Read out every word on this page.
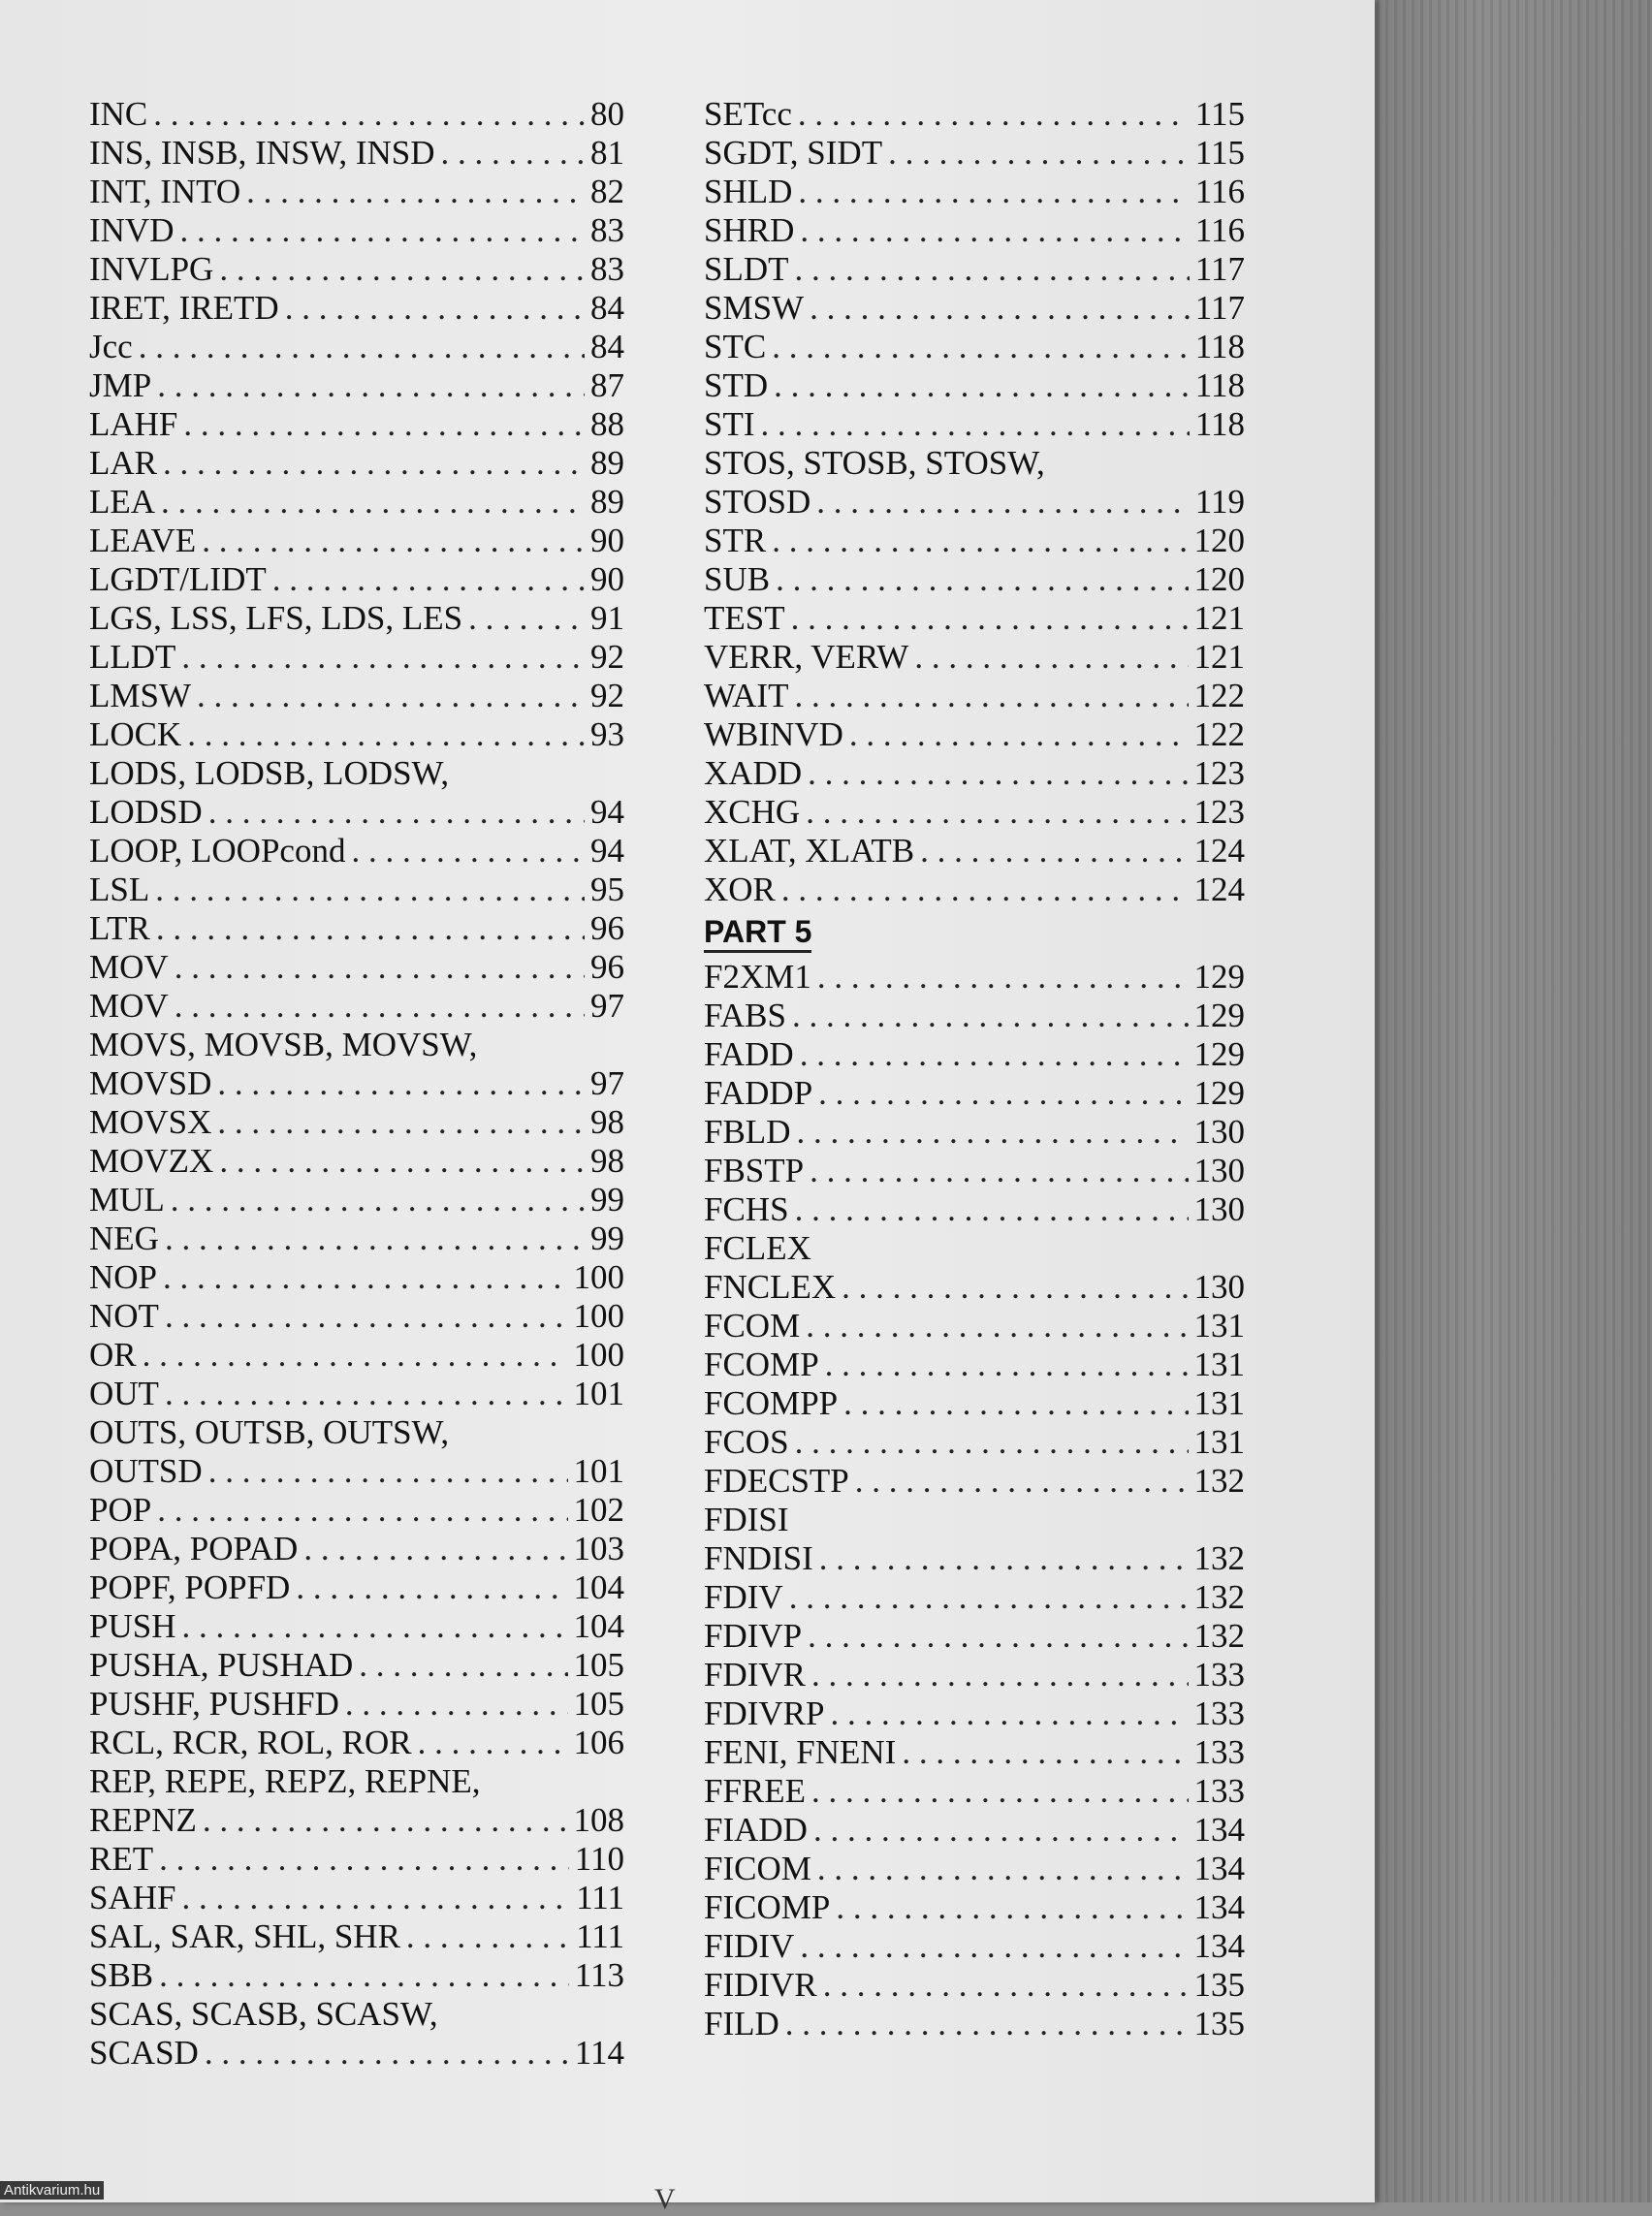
INC . . .	80
INS, INSB, INSW, INSD . . .	81
INT, INTO . . .	82
INVD . . .	83
INVLPG . . .	83
IRET, IRETD . . .	84
Jcc . . .	84
JMP . . .	87
LAHF . . .	88
LAR . . .	89
LEA . . .	89
LEAVE . . .	90
LGDT/LIDT . . .	90
LGS, LSS, LFS, LDS, LES . . .	91
LLDT . . .	92
LMSW . . .	92
LOCK . . .	93
LODS, LODSB, LODSW,
LODSD . . .	94
LOOP, LOOPcond . . .	94
LSL . . .	95
LTR . . .	96
MOV . . .	96
MOV . . .	97
MOVS, MOVSB, MOVSW,
MOVSD . . .	97
MOVSX . . .	98
MOVZX . . .	98
MUL . . .	99
NEG . . .	99
NOP . . .	100
NOT . . .	100
OR . . .	100
OUT . . .	101
OUTS, OUTSB, OUTSW,
OUTSD . . .	101
POP . . .	102
POPA, POPAD . . .	103
POPF, POPFD . . .	104
PUSH . . .	104
PUSHA, PUSHAD . . .	105
PUSHF, PUSHFD . . .	105
RCL, RCR, ROL, ROR . . .	106
REP, REPE, REPZ, REPNE,
REPNZ . . .	108
RET . . .	110
SAHF . . .	111
SAL, SAR, SHL, SHR . . .	111
SBB . . .	113
SCAS, SCASB, SCASW,
SCASD . . .	114
SETcc . . .	115
SGDT, SIDT . . .	115
SHLD . . .	116
SHRD . . .	116
SLDT . . .	117
SMSW . . .	117
STC . . .	118
STD . . .	118
STI . . .	118
STOS, STOSB, STOSW,
STOSD . . .	119
STR . . .	120
SUB . . .	120
TEST . . .	121
VERR, VERW . . .	121
WAIT . . .	122
WBINVD . . .	122
XADD . . .	123
XCHG . . .	123
XLAT, XLATB . . .	124
XOR . . .	124
PART 5
F2XM1 . . .	129
FABS . . .	129
FADD . . .	129
FADDP . . .	129
FBLD . . .	130
FBSTP . . .	130
FCHS . . .	130
FCLEX
FNCLEX . . .	130
FCOM . . .	131
FCOMP . . .	131
FCOMPP . . .	131
FCOS . . .	131
FDECSTP . . .	132
FDISI
FNDISI . . .	132
FDIV . . .	132
FDIVP . . .	132
FDIVR . . .	133
FDIVRP . . .	133
FENI, FNENI . . .	133
FFREE . . .	133
FIADD . . .	134
FICOM . . .	134
FICOMP . . .	134
FIDIV . . .	134
FIDIVR . . .	135
FILD . . .	135
V
Antikvarium.hu
